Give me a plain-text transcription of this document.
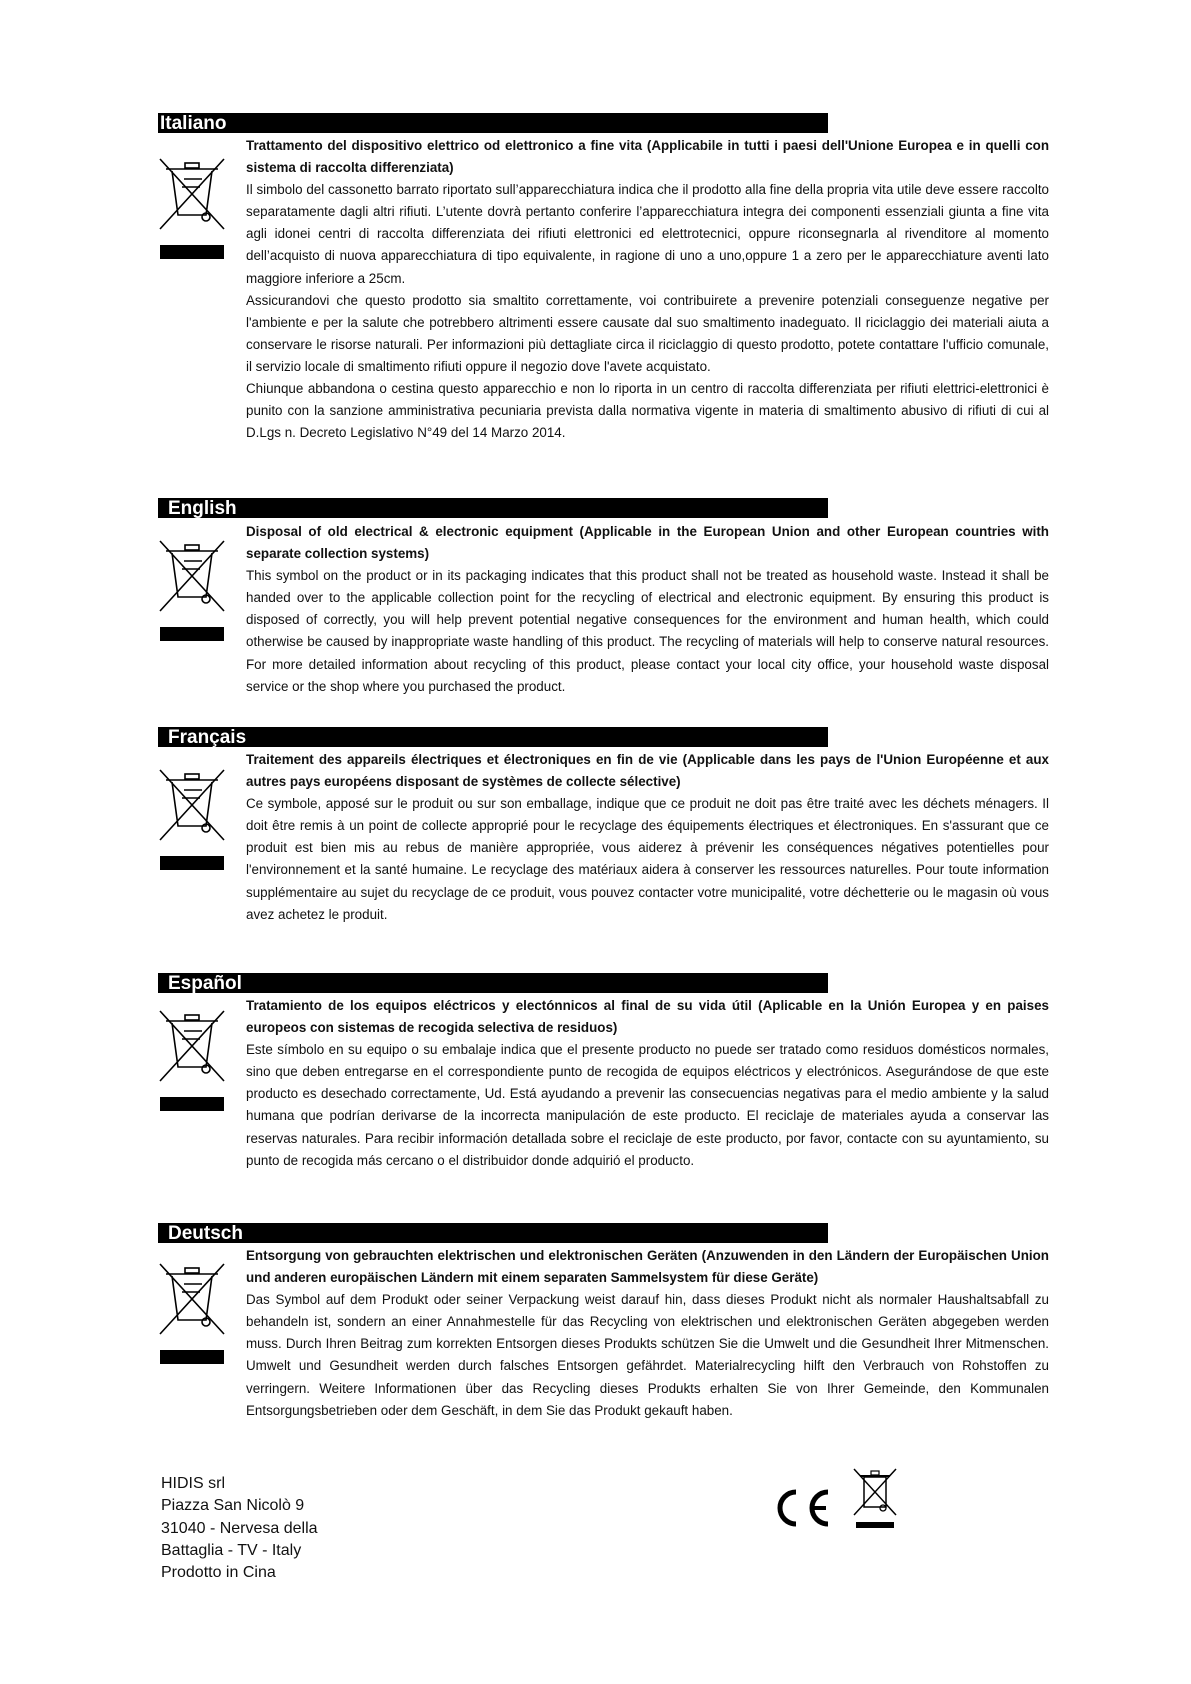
Italiano

Trattamento del dispositivo elettrico od elettronico a fine vita (Applicabile in tutti i paesi dell'Unione Europea e in quelli con sistema di raccolta differenziata)

Il simbolo del cassonetto barrato riportato sull’apparecchiatura indica che il prodotto alla fine della propria vita utile deve essere raccolto separatamente dagli altri rifiuti. L’utente dovrà pertanto conferire l’apparecchiatura integra dei componenti essenziali giunta a fine vita agli idonei centri di raccolta differenziata dei rifiuti elettronici ed elettrotecnici, oppure riconsegnarla al rivenditore al momento dell’acquisto di nuova apparecchiatura di tipo equivalente, in ragione di uno a uno,oppure 1 a zero per le apparecchiature aventi lato maggiore inferiore a 25cm.

Assicurandovi che questo prodotto sia smaltito correttamente, voi contribuirete a prevenire potenziali conseguenze negative per l'ambiente e per la salute che potrebbero altrimenti essere causate dal suo smaltimento inadeguato. Il riciclaggio dei materiali aiuta a conservare le risorse naturali. Per informazioni più dettagliate circa il riciclaggio di questo prodotto, potete contattare l'ufficio comunale, il servizio locale di smaltimento rifiuti oppure il negozio dove l'avete acquistato.

Chiunque abbandona o cestina questo apparecchio e non lo riporta in un centro di raccolta differenziata per rifiuti elettrici-elettronici è punito con la sanzione amministrativa pecuniaria prevista dalla normativa vigente in materia di smaltimento abusivo di rifiuti di cui al D.Lgs n. Decreto Legislativo N°49 del 14 Marzo 2014.

English

Disposal of old electrical & electronic equipment (Applicable in the European Union and other European countries with separate collection systems)

This symbol on the product or in its packaging indicates that this product shall not be treated as household waste. Instead it shall be handed over to the applicable collection point for the recycling of electrical and electronic equipment. By ensuring this product is disposed of correctly, you will help prevent potential negative consequences for the environment and human health, which could otherwise be caused by inappropriate waste handling of this product. The recycling of materials will help to conserve natural resources. For more detailed information about recycling of this product, please contact your local city office, your household waste disposal service or the shop where you purchased the product.

Français

Traitement des appareils électriques et électroniques en fin de vie (Applicable dans les pays de l'Union Européenne et aux autres pays européens disposant de systèmes de collecte sélective)

Ce symbole, apposé sur le produit ou sur son emballage, indique que ce produit ne doit pas être traité avec les déchets ménagers. Il doit être remis à un point de collecte approprié pour le recyclage des équipements électriques et électroniques. En s'assurant que ce produit est bien mis au rebus de manière appropriée, vous aiderez à prévenir les conséquences négatives potentielles pour l'environnement et la santé humaine. Le recyclage des matériaux aidera à conserver les ressources naturelles. Pour toute information supplémentaire au sujet du recyclage de ce produit, vous pouvez contacter votre municipalité, votre déchetterie ou le magasin où vous avez achetez le produit.

Español

Tratamiento de los equipos eléctricos y electónnicos al final de su vida útil (Aplicable en la Unión Europea y en paises europeos con sistemas de recogida selectiva de residuos)

Este símbolo en su equipo o su embalaje indica que el presente producto no puede ser tratado como residuos domésticos normales, sino que deben entregarse en el correspondiente punto de recogida de equipos eléctricos y electrónicos. Asegurándose de que este producto es desechado correctamente, Ud. Está ayudando a prevenir las consecuencias negativas para el medio ambiente y la salud humana que podrían derivarse de la incorrecta manipulación de este producto. El reciclaje de materiales ayuda a conservar las reservas naturales. Para recibir información detallada sobre el reciclaje de este producto, por favor, contacte con su ayuntamiento, su punto de recogida más cercano o el distribuidor donde adquirió el producto.

Deutsch

Entsorgung von gebrauchten elektrischen und elektronischen Geräten (Anzuwenden in den Ländern der Europäischen Union und anderen europäischen Ländern mit einem separaten Sammelsystem für diese Geräte)

Das Symbol auf dem Produkt oder seiner Verpackung weist darauf hin, dass dieses Produkt nicht als normaler Haushaltsabfall zu behandeln ist, sondern an einer Annahmestelle für das Recycling von elektrischen und elektronischen Geräten abgegeben werden muss. Durch Ihren Beitrag zum korrekten Entsorgen dieses Produkts schützen Sie die Umwelt und die Gesundheit Ihrer Mitmenschen. Umwelt und Gesundheit werden durch falsches Entsorgen gefährdet. Materialrecycling hilft den Verbrauch von Rohstoffen zu verringern. Weitere Informationen über das Recycling dieses Produkts erhalten Sie von Ihrer Gemeinde, den Kommunalen Entsorgungsbetrieben oder dem Geschäft, in dem Sie das Produkt gekauft haben.

HIDIS srl
Piazza San Nicolò 9
31040 - Nervesa della
Battaglia - TV - Italy
Prodotto in Cina
